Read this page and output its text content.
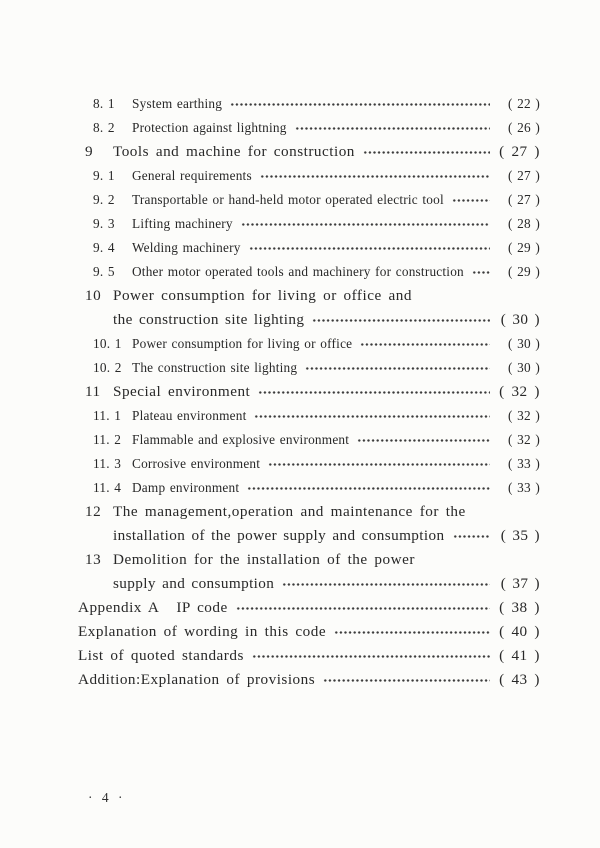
8. 1	System earthing	( 22 )
8. 2	Protection against lightning	( 26 )
9	Tools and machine for construction	( 27 )
9. 1	General requirements	( 27 )
9. 2	Transportable or hand-held motor operated electric tool	( 27 )
9. 3	Lifting machinery	( 28 )
9. 4	Welding machinery	( 29 )
9. 5	Other motor operated tools and machinery for construction	( 29 )
10 Power consumption for living or office and
the construction site lighting	( 30 )
10. 1 Power consumption for living or office	( 30 )
10. 2 The construction site lighting	( 30 )
11 Special environment	( 32 )
11. 1 Plateau environment	( 32 )
11. 2 Flammable and explosive environment	( 32 )
11. 3 Corrosive environment	( 33 )
11. 4 Damp environment	( 33 )
12 The management,operation and maintenance for the
installation of the power supply and consumption	( 35 )
13 Demolition for the installation of the power
supply and consumption	( 37 )
Appendix A IP code	( 38 )
Explanation of wording in this code	( 40 )
List of quoted standards	( 41 )
Addition:Explanation of provisions	( 43 )
· 4 ·
